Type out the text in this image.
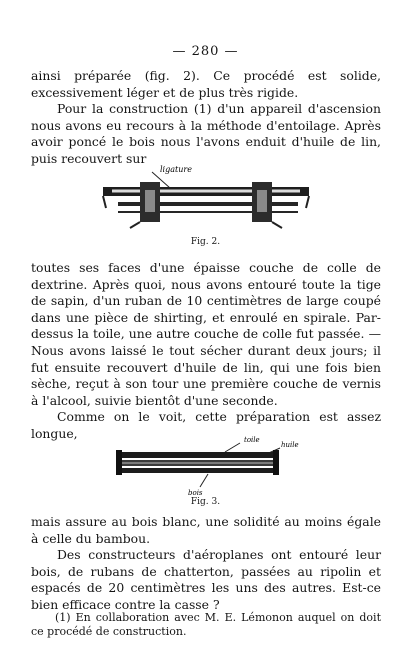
— 280 —

ainsi préparée (fig. 2). Ce procédé est solide, excessivement léger et de plus très rigide.

Pour la construction (1) d'un appareil d'ascension nous avons eu recours à la méthode d'entoilage. Après avoir poncé le bois nous l'avons enduit d'huile de lin, puis recouvert sur

ligature
Fig. 2.

toutes ses faces d'une épaisse couche de colle de dextrine. Après quoi, nous avons entouré toute la tige de sapin, d'un ruban de 10 centimètres de large coupé dans une pièce de shirting, et enroulé en spirale. Par-dessus la toile, une autre couche de colle fut passée. — Nous avons laissé le tout sécher durant deux jours; il fut ensuite recouvert d'huile de lin, qui une fois bien sèche, reçut à son tour une première couche de vernis à l'alcool, suivie bientôt d'une seconde.

Comme on le voit, cette préparation est assez longue,	toile
huile
bois
Fig. 3.

mais assure au bois blanc, une solidité au moins égale à celle du bambou.

Des constructeurs d'aéroplanes ont entouré leur bois, de rubans de chatterton, passées au ripolin et espacés de 20 centimètres les uns des autres. Est-ce bien efficace contre la casse ?

(1) En collaboration avec M. E. Lémonon auquel on doit ce procédé de construction.
